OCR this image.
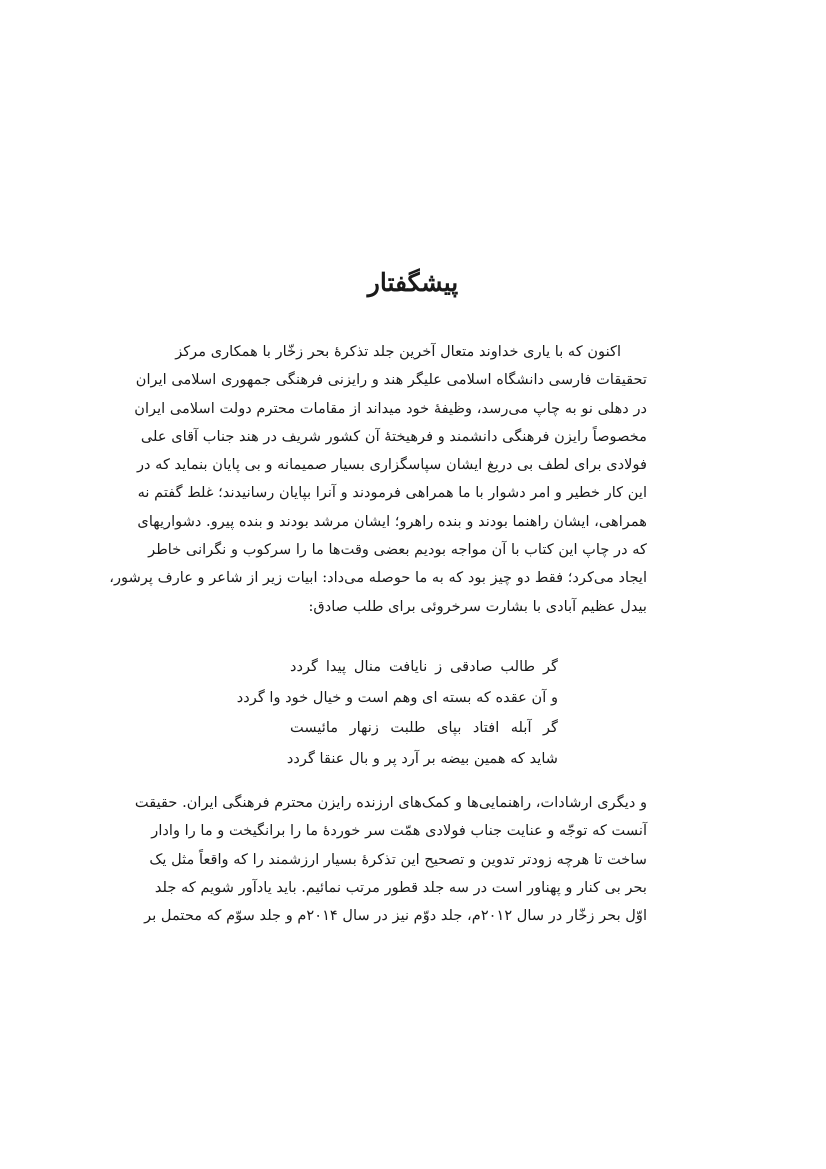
پیشگفتار
اکنون که با یاری خداوند متعال آخرین جلد تذکرهٔ بحر زخّار با همکاری مرکز
تحقیقات فارسی دانشگاه اسلامی علیگر هند و رایزنی فرهنگی جمهوری اسلامی ایران
در دهلی نو به چاپ می‌رسد، وظیفهٔ خود میداند از مقامات محترم دولت اسلامی ایران
مخصوصاً رایزن فرهنگی دانشمند و فرهیختهٔ آن کشور شریف در هند جناب آقای علی
فولادی برای لطف بی دریغ ایشان سپاسگزاری بسیار صمیمانه و بی پایان بنماید که در
این کار خطیر و امر دشوار با ما همراهی فرمودند و آنرا بپایان رسانیدند؛ غلط گفتم نه
همراهی، ایشان راهنما بودند و بنده راهرو؛ ایشان مرشد بودند و بنده پیرو. دشواریهای
که در چاپ این کتاب با آن مواجه بودیم بعضی وقت‌ها ما را سرکوب و نگرانی خاطر
ایجاد می‌کرد؛ فقط دو چیز بود که به ما حوصله می‌داد: ابیات زیر از شاعر و عارف پرشور،
بیدل عظیم آبادی با بشارت سرخروئی برای طلب صادق:
گر طالب صادقی ز نایافت منال پیدا گردد
و آن عقده که بسته ای وهم است و خیال خود وا گردد
گر آبله افتاد بپای طلبت زنهار مائیست
شاید که همین بیضه بر آرد پر و بال عنقا گردد
و دیگری ارشادات، راهنمایی‌ها و کمک‌های ارزنده رایزن محترم فرهنگی ایران. حقیقت
آنست که توجّه و عنایت جناب فولادی همّت سر خوردهٔ ما را برانگیخت و ما را وادار
ساخت تا هرچه زودتر تدوین و تصحیح این تذکرهٔ بسیار ارزشمند را که واقعاً مثل یک
بحر بی کنار و پهناور است در سه جلد قطور مرتب نمائیم. باید یادآور شویم که جلد
اوّل بحر زخّار در سال ۲۰۱۲م، جلد دوّم نیز در سال ۲۰۱۴م و جلد سوّم که محتمل بر
